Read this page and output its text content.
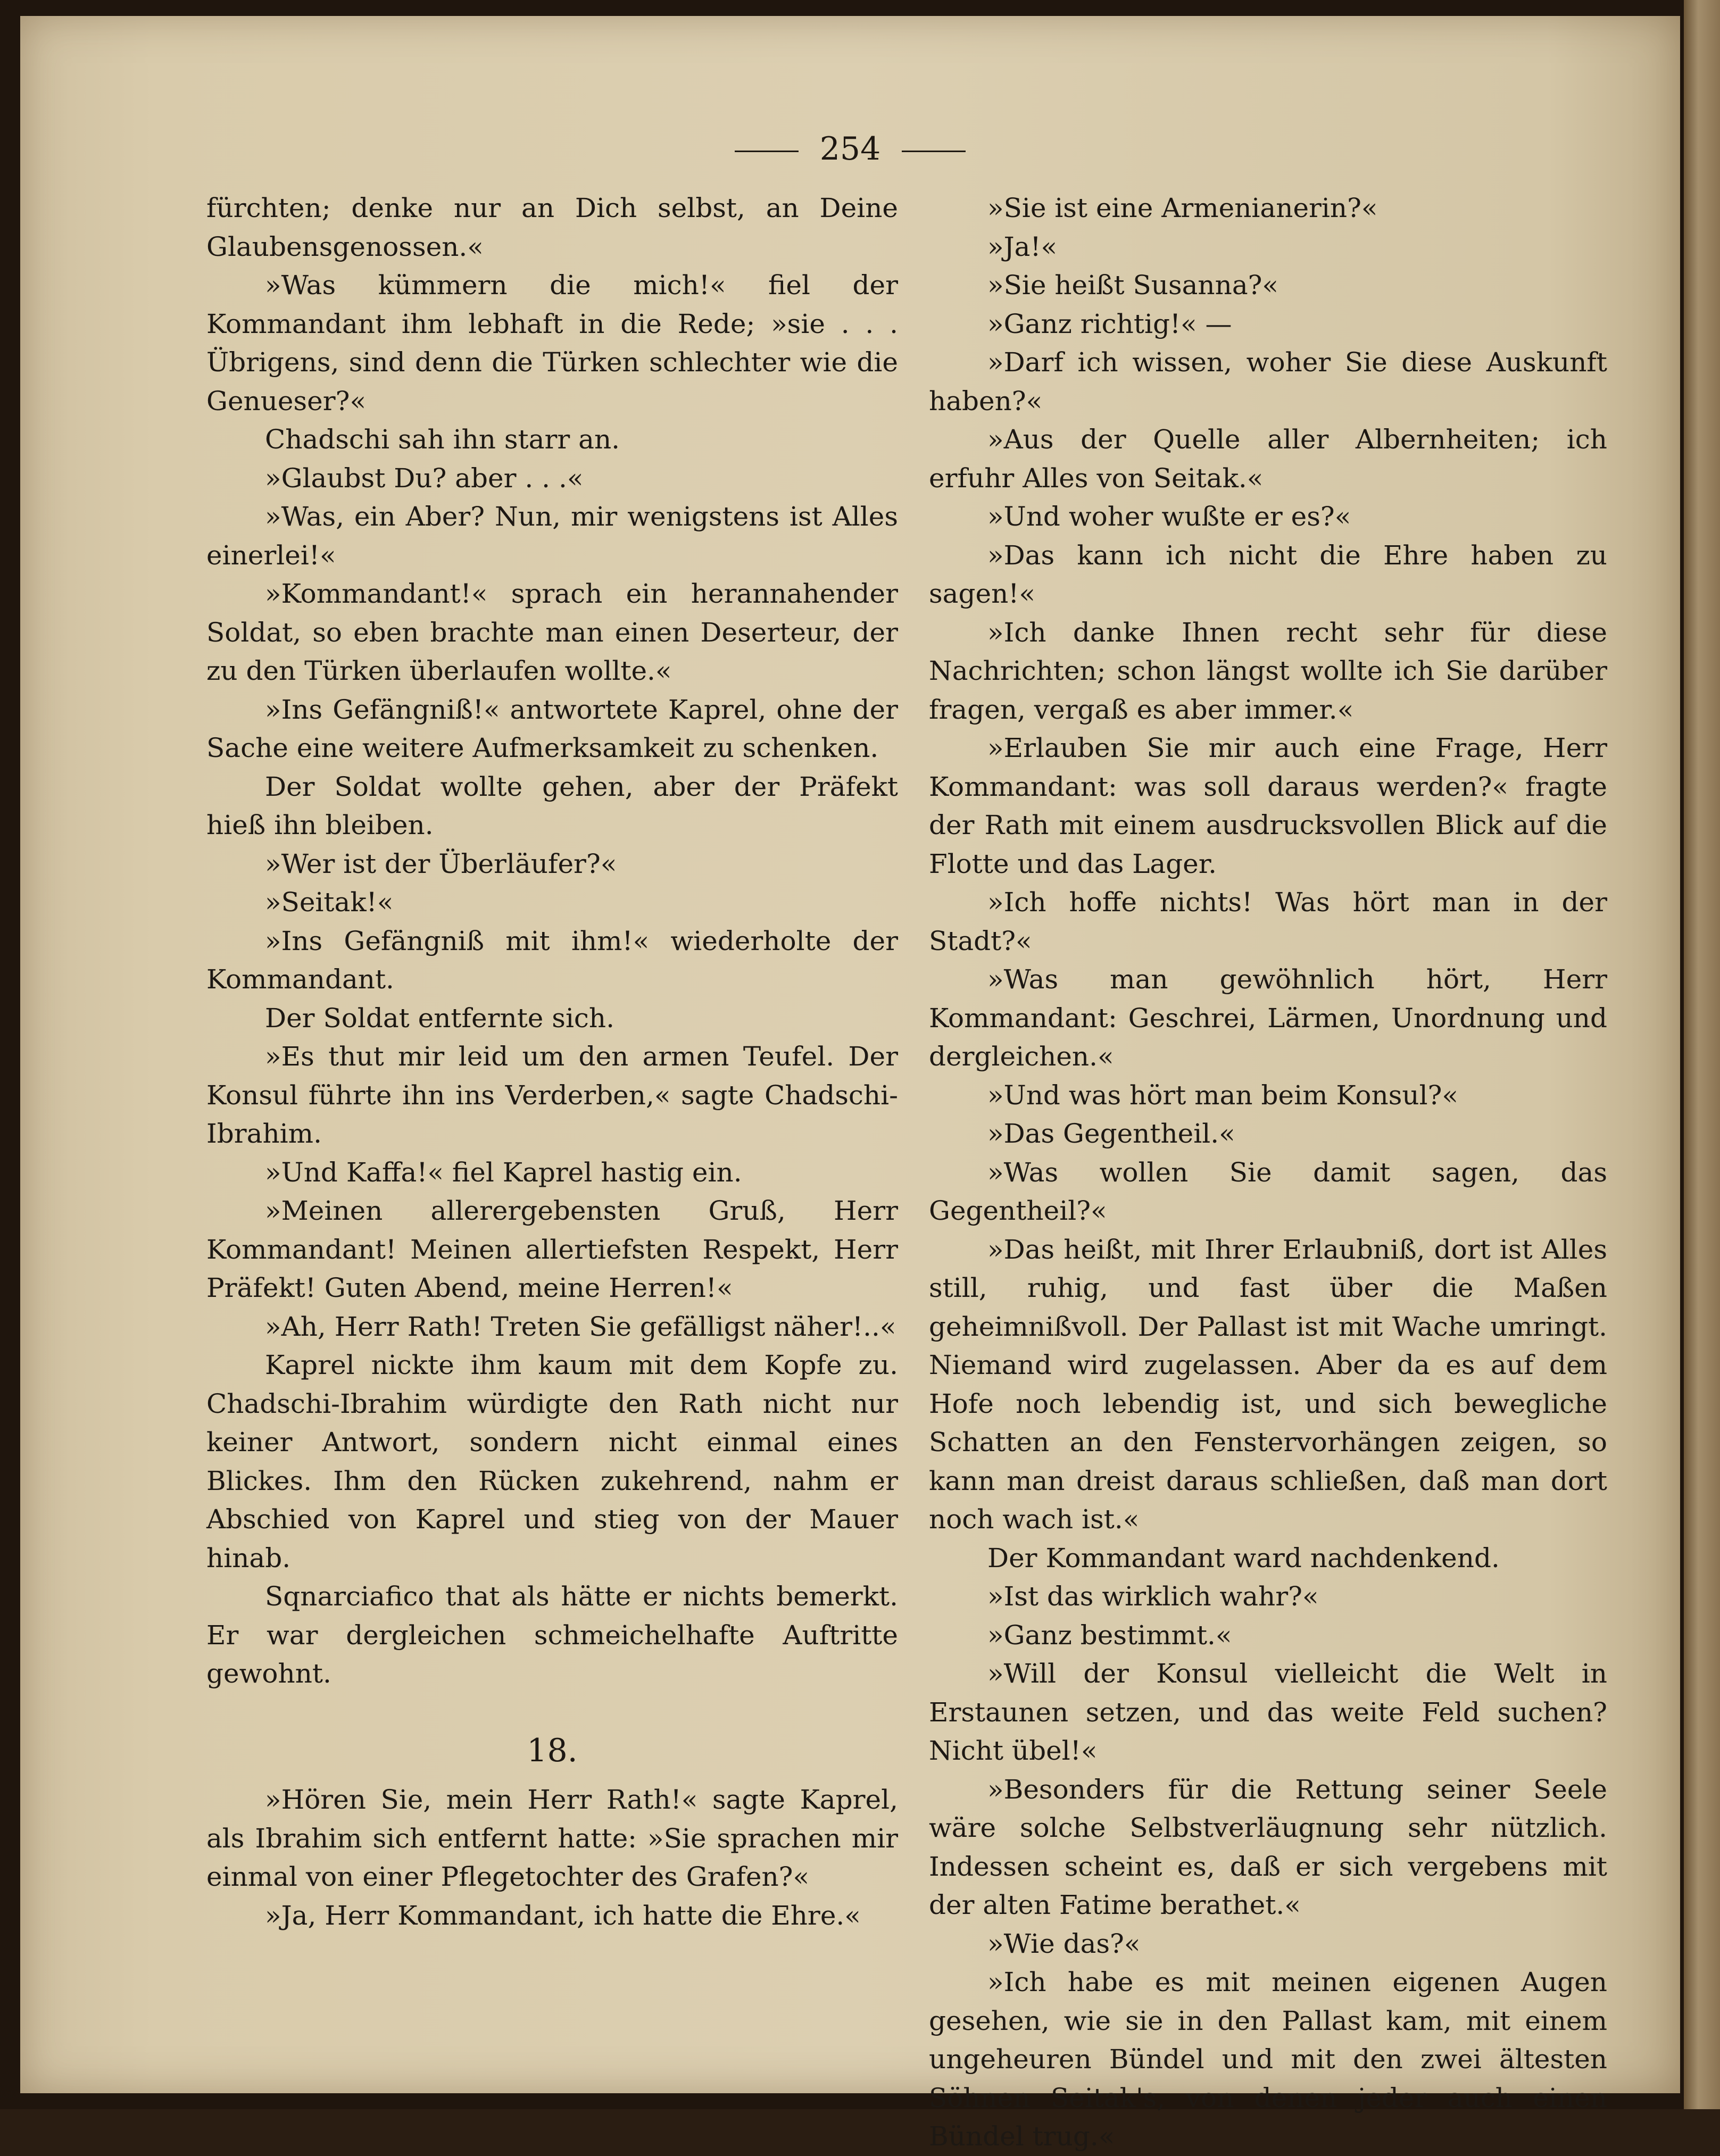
254

fürchten; denke nur an Dich selbst, an Deine Glaubensgenossen.«

»Was kümmern die mich!« fiel der Kommandant ihm lebhaft in die Rede; »sie . . . Übrigens, sind denn die Türken schlechter wie die Genueser?«

Chadschi sah ihn starr an.

»Glaubst Du? aber . . .«

»Was, ein Aber? Nun, mir wenigstens ist Alles einerlei!«

»Kommandant!« sprach ein herannahender Soldat, so eben brachte man einen Deserteur, der zu den Türken überlaufen wollte.«

»Ins Gefängniß!« antwortete Kaprel, ohne der Sache eine weitere Aufmerksamkeit zu schenken.

Der Soldat wollte gehen, aber der Präfekt hieß ihn bleiben.

»Wer ist der Überläufer?«

»Seitak!«

»Ins Gefängniß mit ihm!« wiederholte der Kommandant.

Der Soldat entfernte sich.

»Es thut mir leid um den armen Teufel. Der Konsul führte ihn ins Verderben,« sagte Chadschi-Ibrahim.

»Und Kaffa!« fiel Kaprel hastig ein.

»Meinen allerergebensten Gruß, Herr Kommandant! Meinen allertiefsten Respekt, Herr Präfekt! Guten Abend, meine Herren!«

»Ah, Herr Rath! Treten Sie gefälligst näher!..«

Kaprel nickte ihm kaum mit dem Kopfe zu. Chadschi-Ibrahim würdigte den Rath nicht nur keiner Antwort, sondern nicht einmal eines Blickes. Ihm den Rücken zukehrend, nahm er Abschied von Kaprel und stieg von der Mauer hinab.

Sqnarciafico that als hätte er nichts bemerkt. Er war dergleichen schmeichelhafte Auftritte gewohnt.

18.

»Hören Sie, mein Herr Rath!« sagte Kaprel, als Ibrahim sich entfernt hatte: »Sie sprachen mir einmal von einer Pflegetochter des Grafen?«

»Ja, Herr Kommandant, ich hatte die Ehre.«

»Sie ist eine Armenianerin?«

»Ja!«

»Sie heißt Susanna?«

»Ganz richtig!« —

»Darf ich wissen, woher Sie diese Auskunft haben?«

»Aus der Quelle aller Albernheiten; ich erfuhr Alles von Seitak.«

»Und woher wußte er es?«

»Das kann ich nicht die Ehre haben zu sagen!«

»Ich danke Ihnen recht sehr für diese Nachrichten; schon längst wollte ich Sie darüber fragen, vergaß es aber immer.«

»Erlauben Sie mir auch eine Frage, Herr Kommandant: was soll daraus werden?« fragte der Rath mit einem ausdrucksvollen Blick auf die Flotte und das Lager.

»Ich hoffe nichts! Was hört man in der Stadt?«

»Was man gewöhnlich hört, Herr Kommandant: Geschrei, Lärmen, Unordnung und dergleichen.«

»Und was hört man beim Konsul?«

»Das Gegentheil.«

»Was wollen Sie damit sagen, das Gegentheil?«

»Das heißt, mit Ihrer Erlaubniß, dort ist Alles still, ruhig, und fast über die Maßen geheimnißvoll. Der Pallast ist mit Wache umringt. Niemand wird zugelassen. Aber da es auf dem Hofe noch lebendig ist, und sich bewegliche Schatten an den Fenstervorhängen zeigen, so kann man dreist daraus schließen, daß man dort noch wach ist.«

Der Kommandant ward nachdenkend.

»Ist das wirklich wahr?«

»Ganz bestimmt.«

»Will der Konsul vielleicht die Welt in Erstaunen setzen, und das weite Feld suchen? Nicht übel!«

»Besonders für die Rettung seiner Seele wäre solche Selbstverläugnung sehr nützlich. Indessen scheint es, daß er sich vergebens mit der alten Fatime berathet.«

»Wie das?«

»Ich habe es mit meinen eigenen Augen gesehen, wie sie in den Pallast kam, mit einem ungeheuren Bündel und mit den zwei ältesten Söhnen Seitak's, von denen jeder auch einen Bündel trug.«
